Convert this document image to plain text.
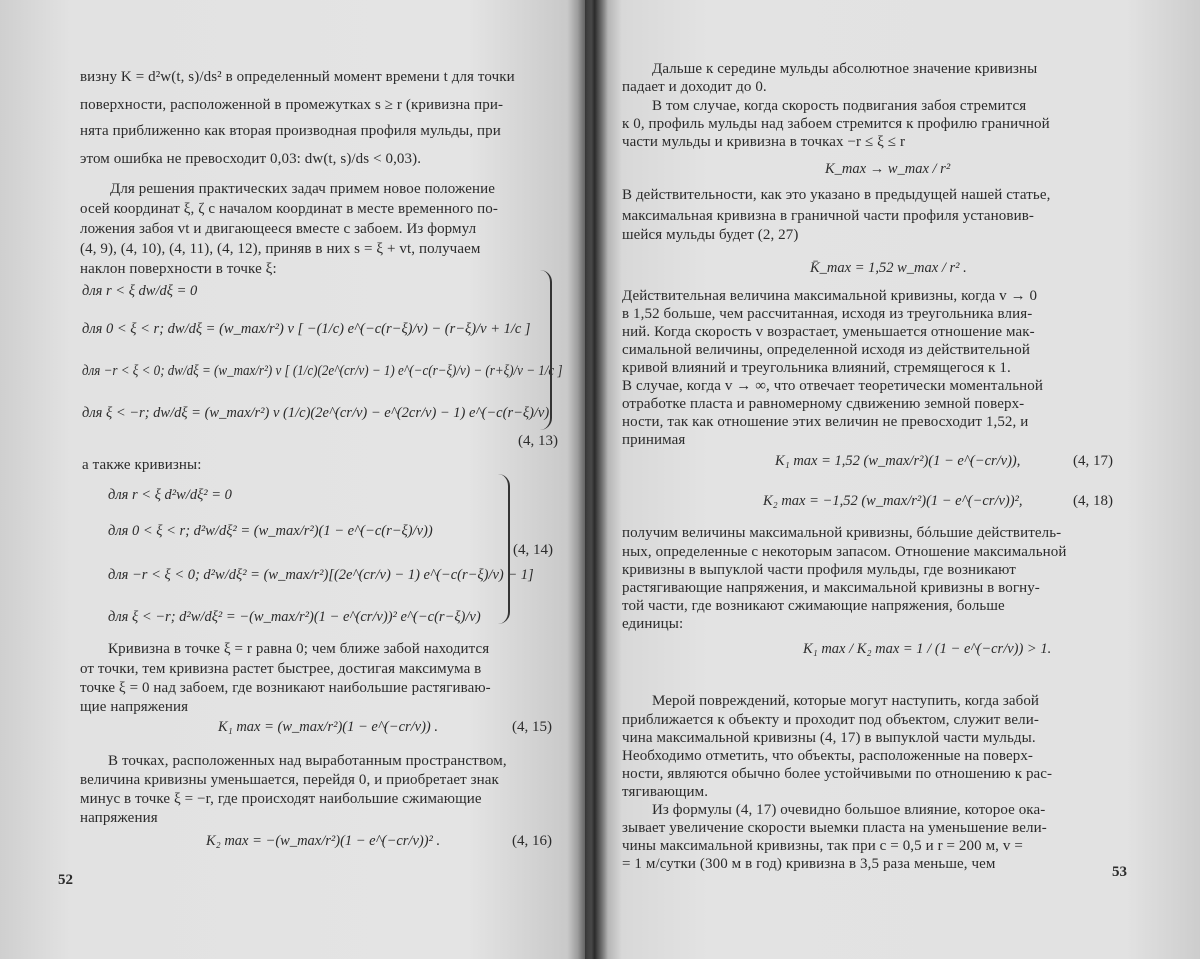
визну K = d²w(t, s)/ds² в определенный момент времени t для точки
поверхности, расположенной в промежутках s ≥ r (кривизна при-
нята приближенно как вторая производная профиля мульды, при
этом ошибка не превосходит 0,03: dw(t, s)/ds < 0,03).
Для решения практических задач примем новое положение
осей координат ξ, ζ с началом координат в месте временного по-
ложения забоя vt и двигающееся вместе с забоем. Из формул
(4, 9), (4, 10), (4, 11), (4, 12), приняв в них s = ξ + vt, получаем
наклон поверхности в точке ξ:
для r < ξ dw/dξ = 0
для 0 < ξ < r; dw/dξ = (w_max/r²) v [ −(1/c) e^(−c(r−ξ)/v) − (r−ξ)/v + 1/c ]
для −r < ξ < 0; dw/dξ = (w_max/r²) v [ (1/c)(2e^(cr/v) − 1) e^(−c(r−ξ)/v) − (r+ξ)/v − 1/c ]
для ξ < −r; dw/dξ = (w_max/r²) v (1/c)(2e^(cr/v) − e^(2cr/v) − 1) e^(−c(r−ξ)/v)
(4, 13)
а также кривизны:
для r < ξ d²w/dξ² = 0
для 0 < ξ < r; d²w/dξ² = (w_max/r²)(1 − e^(−c(r−ξ)/v))
для −r < ξ < 0; d²w/dξ² = (w_max/r²)[(2e^(cr/v) − 1) e^(−c(r−ξ)/v) − 1]
для ξ < −r; d²w/dξ² = −(w_max/r²)(1 − e^(cr/v))² e^(−c(r−ξ)/v)
(4, 14)
Кривизна в точке ξ = r равна 0; чем ближе забой находится
от точки, тем кривизна растет быстрее, достигая максимума в
точке ξ = 0 над забоем, где возникают наибольшие растягиваю-
щие напряжения
K₁ max = (w_max/r²)(1 − e^(−cr/v)) .	(4, 15)
В точках, расположенных над выработанным пространством,
величина кривизны уменьшается, перейдя 0, и приобретает знак
минус в точке ξ = −r, где происходят наибольшие сжимающие
напряжения
K₂ max = −(w_max/r²)(1 − e^(−cr/v))² .	(4, 16)
52
Дальше к середине мульды абсолютное значение кривизны
падает и доходит до 0.
В том случае, когда скорость подвигания забоя стремится
к 0, профиль мульды над забоем стремится к профилю граничной
части мульды и кривизна в точках −r ≤ ξ ≤ r
K_max → w_max / r²
В действительности, как это указано в предыдущей нашей статье,
максимальная кривизна в граничной части профиля установив-
шейся мульды будет (2, 27)
K̄_max = 1,52 w_max / r² .
Действительная величина максимальной кривизны, когда v → 0
в 1,52 больше, чем рассчитанная, исходя из треугольника влия-
ний. Когда скорость v возрастает, уменьшается отношение мак-
симальной величины, определенной исходя из действительной
кривой влияний и треугольника влияний, стремящегося к 1.
В случае, когда v → ∞, что отвечает теоретически моментальной
отработке пласта и равномерному сдвижению земной поверх-
ности, так как отношение этих величин не превосходит 1,52, и
принимая
K₁ max = 1,52 (w_max/r²)(1 − e^(−cr/v)),	(4, 17)
K₂ max = −1,52 (w_max/r²)(1 − e^(−cr/v))²,	(4, 18)
получим величины максимальной кривизны, бóльшие действитель-
ных, определенные с некоторым запасом. Отношение максимальной
кривизны в выпуклой части профиля мульды, где возникают
растягивающие напряжения, и максимальной кривизны в вогну-
той части, где возникают сжимающие напряжения, больше
единицы:
K₁ max / K₂ max = 1 / (1 − e^(−cr/v)) > 1.
Мерой повреждений, которые могут наступить, когда забой
приближается к объекту и проходит под объектом, служит вели-
чина максимальной кривизны (4, 17) в выпуклой части мульды.
Необходимо отметить, что объекты, расположенные на поверх-
ности, являются обычно более устойчивыми по отношению к рас-
тягивающим.
Из формулы (4, 17) очевидно большое влияние, которое ока-
зывает увеличение скорости выемки пласта на уменьшение вели-
чины максимальной кривизны, так при c = 0,5 и r = 200 м, v =
= 1 м/сутки (300 м в год) кривизна в 3,5 раза меньше, чем	53
